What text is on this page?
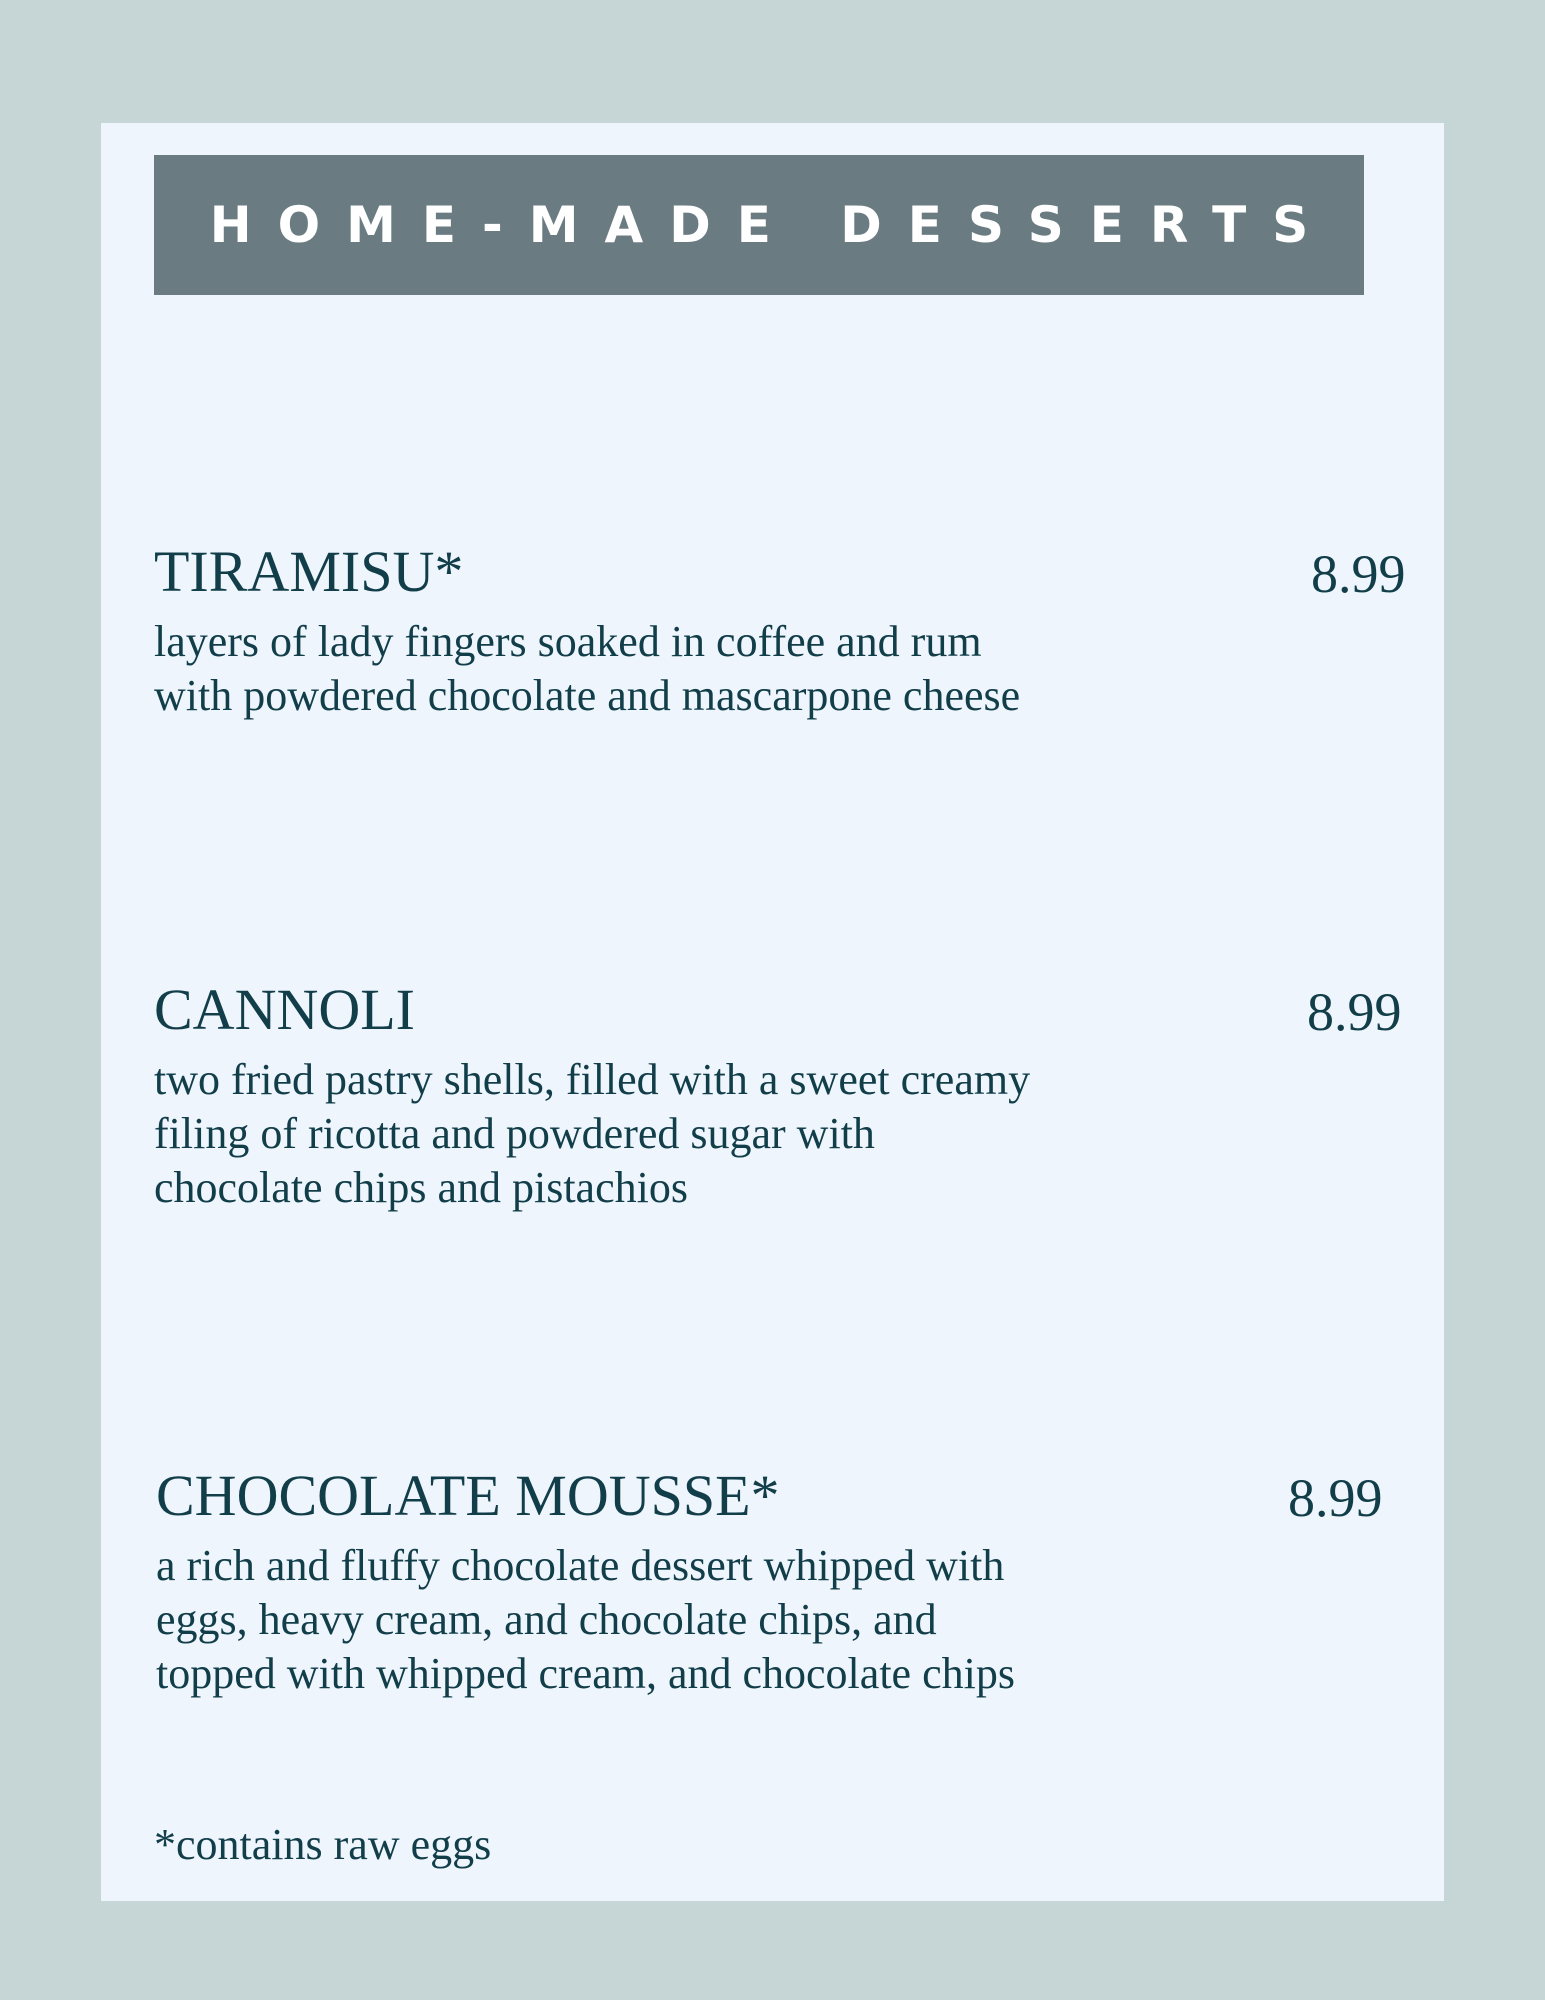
HOME-MADE DESSERTS
TIRAMISU*	8.99
layers of lady fingers soaked in coffee and rum
with powdered chocolate and mascarpone cheese
CANNOLI	8.99
two fried pastry shells, filled with a sweet creamy
filing of ricotta and powdered sugar with
chocolate chips and pistachios
CHOCOLATE MOUSSE*	8.99
a rich and fluffy chocolate dessert whipped with
eggs, heavy cream, and chocolate chips, and
topped with whipped cream, and chocolate chips
*contains raw eggs
